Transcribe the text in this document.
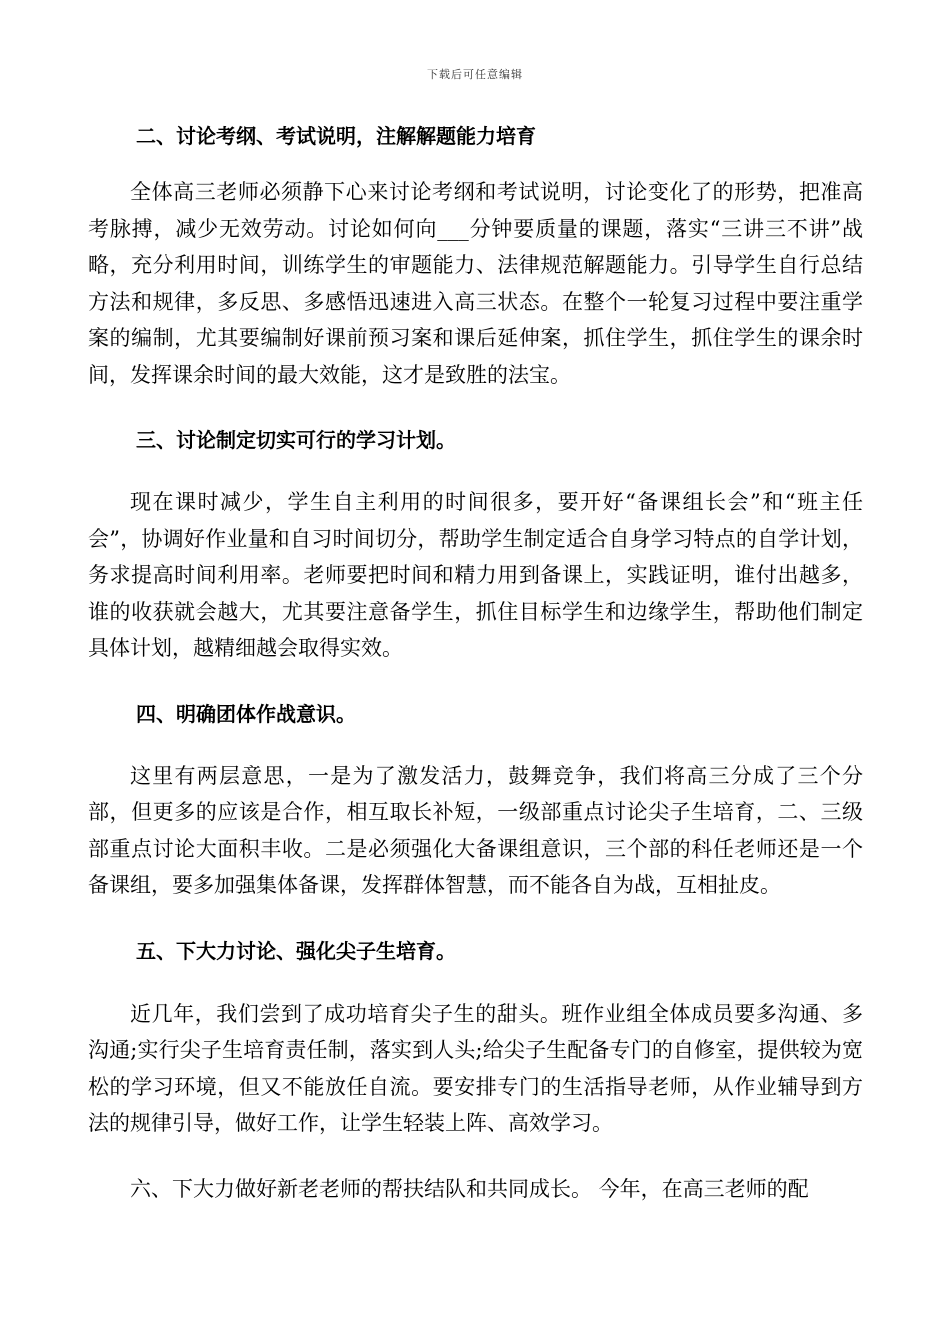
下载后可任意编辑
二、讨论考纲、考试说明，注解解题能力培育

全体高三老师必须静下心来讨论考纲和考试说明，讨论变化了的形势，把准高考脉搏，减少无效劳动。讨论如何向___分钟要质量的课题，落实“三讲三不讲”战略，充分利用时间，训练学生的审题能力、法律规范解题能力。引导学生自行总结方法和规律，多反思、多感悟迅速进入高三状态。在整个一轮复习过程中要注重学案的编制，尤其要编制好课前预习案和课后延伸案，抓住学生，抓住学生的课余时间，发挥课余时间的最大效能，这才是致胜的法宝。

三、讨论制定切实可行的学习计划。

现在课时减少，学生自主利用的时间很多，要开好“备课组长会”和“班主任会”，协调好作业量和自习时间切分，帮助学生制定适合自身学习特点的自学计划，务求提高时间利用率。老师要把时间和精力用到备课上，实践证明，谁付出越多，谁的收获就会越大，尤其要注意备学生，抓住目标学生和边缘学生，帮助他们制定具体计划，越精细越会取得实效。

四、明确团体作战意识。

这里有两层意思，一是为了激发活力，鼓舞竞争，我们将高三分成了三个分部，但更多的应该是合作，相互取长补短，一级部重点讨论尖子生培育，二、三级部重点讨论大面积丰收。二是必须强化大备课组意识，三个部的科任老师还是一个备课组，要多加强集体备课，发挥群体智慧，而不能各自为战，互相扯皮。

五、下大力讨论、强化尖子生培育。

近几年，我们尝到了成功培育尖子生的甜头。班作业组全体成员要多沟通、多沟通;实行尖子生培育责任制，落实到人头;给尖子生配备专门的自修室，提供较为宽松的学习环境，但又不能放任自流。要安排专门的生活指导老师，从作业辅导到方法的规律引导，做好工作，让学生轻装上阵、高效学习。

六、下大力做好新老老师的帮扶结队和共同成长。 今年，在高三老师的配
